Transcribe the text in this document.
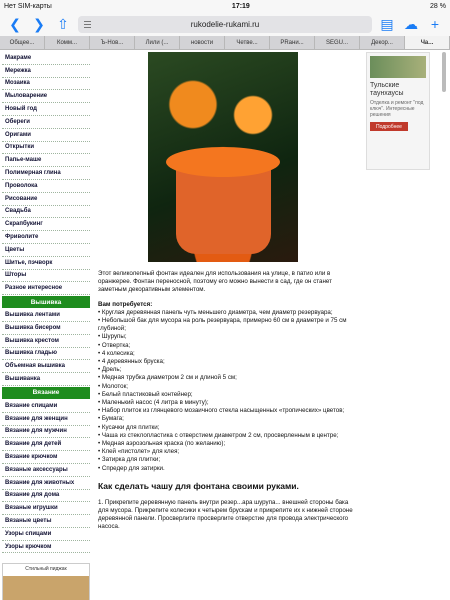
Нет SIM-карты	17:19	28 %
❮ ❯ ⇧	rukodelie-rukami.ru	▤ ☁ +
Общее...	Комм...	Ъ-Нов...	Лили (...	новости	Четве...	РRани...	SEGU...	Декор...	Ча...
Макраме
Мережка
Мозаика
Мыловарение
Новый год
Обереги
Оригами
Открытки
Папье-маше
Полимерная глина
Проволока
Рисование
Свадьба
Скрапбукинг
Фриволите
Цветы
Шитье, пэчворк
Шторы
Разное интересное
Вышивка
Вышивка лентами
Вышивка бисером
Вышивка крестом
Вышивка гладью
Объемная вышивка
Вышиванка
Вязание
Вязание спицами
Вязание для женщин
Вязание для мужчин
Вязание для детей
Вязание крючком
Вязаные аксессуары
Вязание для животных
Вязание для дома
Вязаные игрушки
Вязаные цветы
Узоры спицами
Узоры крючком
Стильный пиджак

Этот великолепный фонтан идеален для использования на улице, в патио или в оранжерее. Фонтан переносной, поэтому его можно вынести в сад, где он станет заметным декоративным элементом.

Вам потребуется:
• Круглая деревянная панель чуть меньшего диаметра, чем диаметр резервуара;
• Небольшой бак для мусора на роль резервуара, примерно 60 см в диаметре и 75 см глубиной;
• Шурупы;
• Отвертка;
• 4 колесика;
• 4 деревянных бруска;
• Дрель;
• Медная трубка диаметром 2 см и длиной 5 см;
• Молоток;
• Белый пластиковый контейнер;
• Маленький насос (4 литра в минуту);
• Набор плиток из глянцевого мозаичного стекла насыщенных «тропических» цветов;
• Бумага;
• Кусачки для плитки;
• Чаша из стеклопластика с отверстием диаметром 2 см, просверленным в центре;
• Медная аэрозольная краска (по желанию);
• Клей «пистолет» для клея;
• Затирка для плитки;
• Спредер для затирки.
Как сделать чашу для фонтана своими руками.

1. Прикрепите деревянную панель внутри резер...ара шурупа... внешней стороны бака для мусора. Прикрепите колесики к четырем брускам и прикрепите их к нижней стороне деревянной панели. Просверлите просверлите отверстие для провода электрического насоса.

Тульские таунхаусы
Отделка и ремонт "под ключ". Интересные решения
Подробнее
